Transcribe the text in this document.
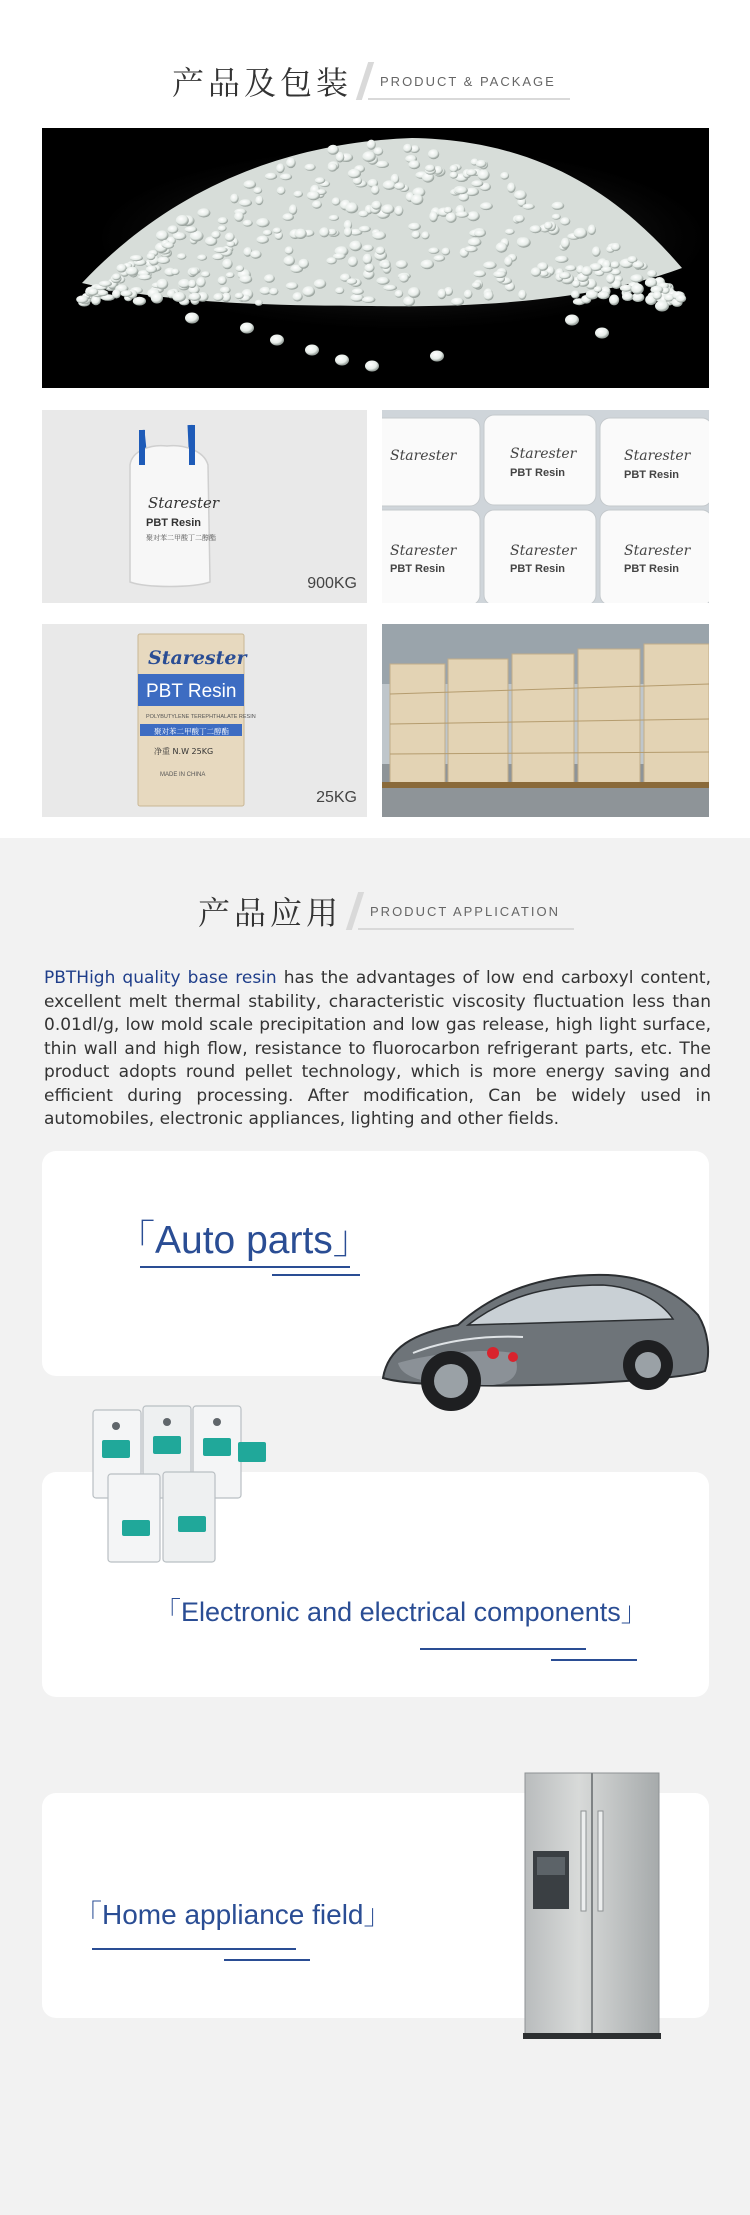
产品及包装 PRODUCT & PACKAGE
Starester
PBT Resin
聚对苯二甲酸丁二醇酯
900KG
Starester	Starester	Starester
Starester	Starester	Starester
PBT Resin	PBT Resin
PBT Resin	PBT Resin	PBT Resin
Starester
PBT Resin
POLYBUTYLENE TEREPHTHALATE RESIN
聚对苯二甲酸丁二醇酯
净重 N.W 25KG
MADE IN CHINA
25KG
产品应用 PRODUCT APPLICATION

PBTHigh quality base resin has the advantages of low end carboxyl content, excellent melt thermal stability, characteristic viscosity fluctuation less than 0.01dl/g, low mold scale precipitation and low gas release, high light surface, thin wall and high flow, resistance to fluorocarbon refrigerant parts, etc. The product adopts round pellet technology, which is more energy saving and efficient during processing. After modification, Can be widely used in automobiles, electronic appliances, lighting and other fields.

「Auto parts」
「Electronic and electrical components」
「Home appliance field」
